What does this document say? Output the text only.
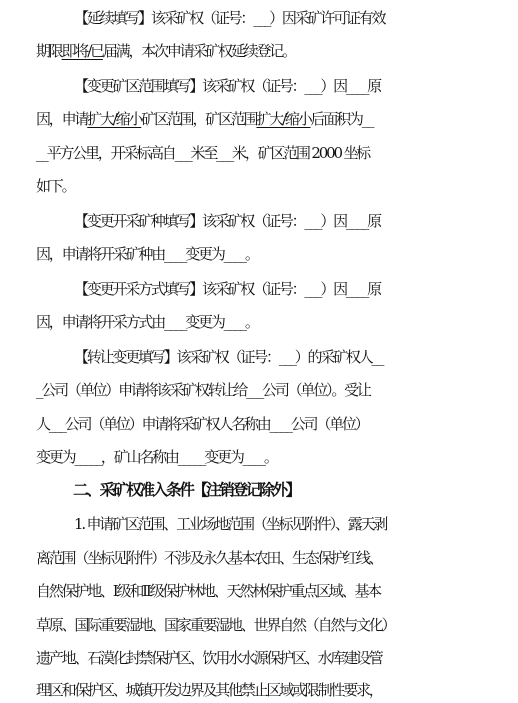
【延续填写】该采矿权（证号：___）因采矿许可证有效
期限即将/已届满，本次申请采矿权延续登记。
【变更矿区范围填写】该采矿权（证号：___）因____原
因，申请扩大/缩小矿区范围，矿区范围扩大/缩小后面积为__
__平方公里，开采标高自___米至___米，矿区范围 2000 坐标
如下。
【变更开采矿种填写】该采矿权（证号：___）因____原
因，申请将开采矿种由____变更为____。
【变更开采方式填写】该采矿权（证号：___）因____原
因，申请将开采方式由____变更为____。
【转让变更填写】该采矿权（证号：___）的采矿权人__
_公司（单位）申请将该采矿权转让给___公司（单位）。受让
人___公司（单位）申请将采矿权人名称由____公司（单位）
变更为_____，矿山名称由_____变更为____。
二、采矿权准入条件【注销登记除外】
1. 申请矿区范围、工业场地范围（坐标见附件）、露天剥
离范围（坐标见附件）不涉及永久基本农田、生态保护红线、
自然保护地、I级和II级保护林地、天然林保护重点区域、基本
草原、国际重要湿地、国家重要湿地、世界自然（自然与文化）
遗产地、石漠化封禁保护区、饮用水水源保护区、水库建设管
理区和保护区、城镇开发边界及其他禁止区域或限制性要求，
